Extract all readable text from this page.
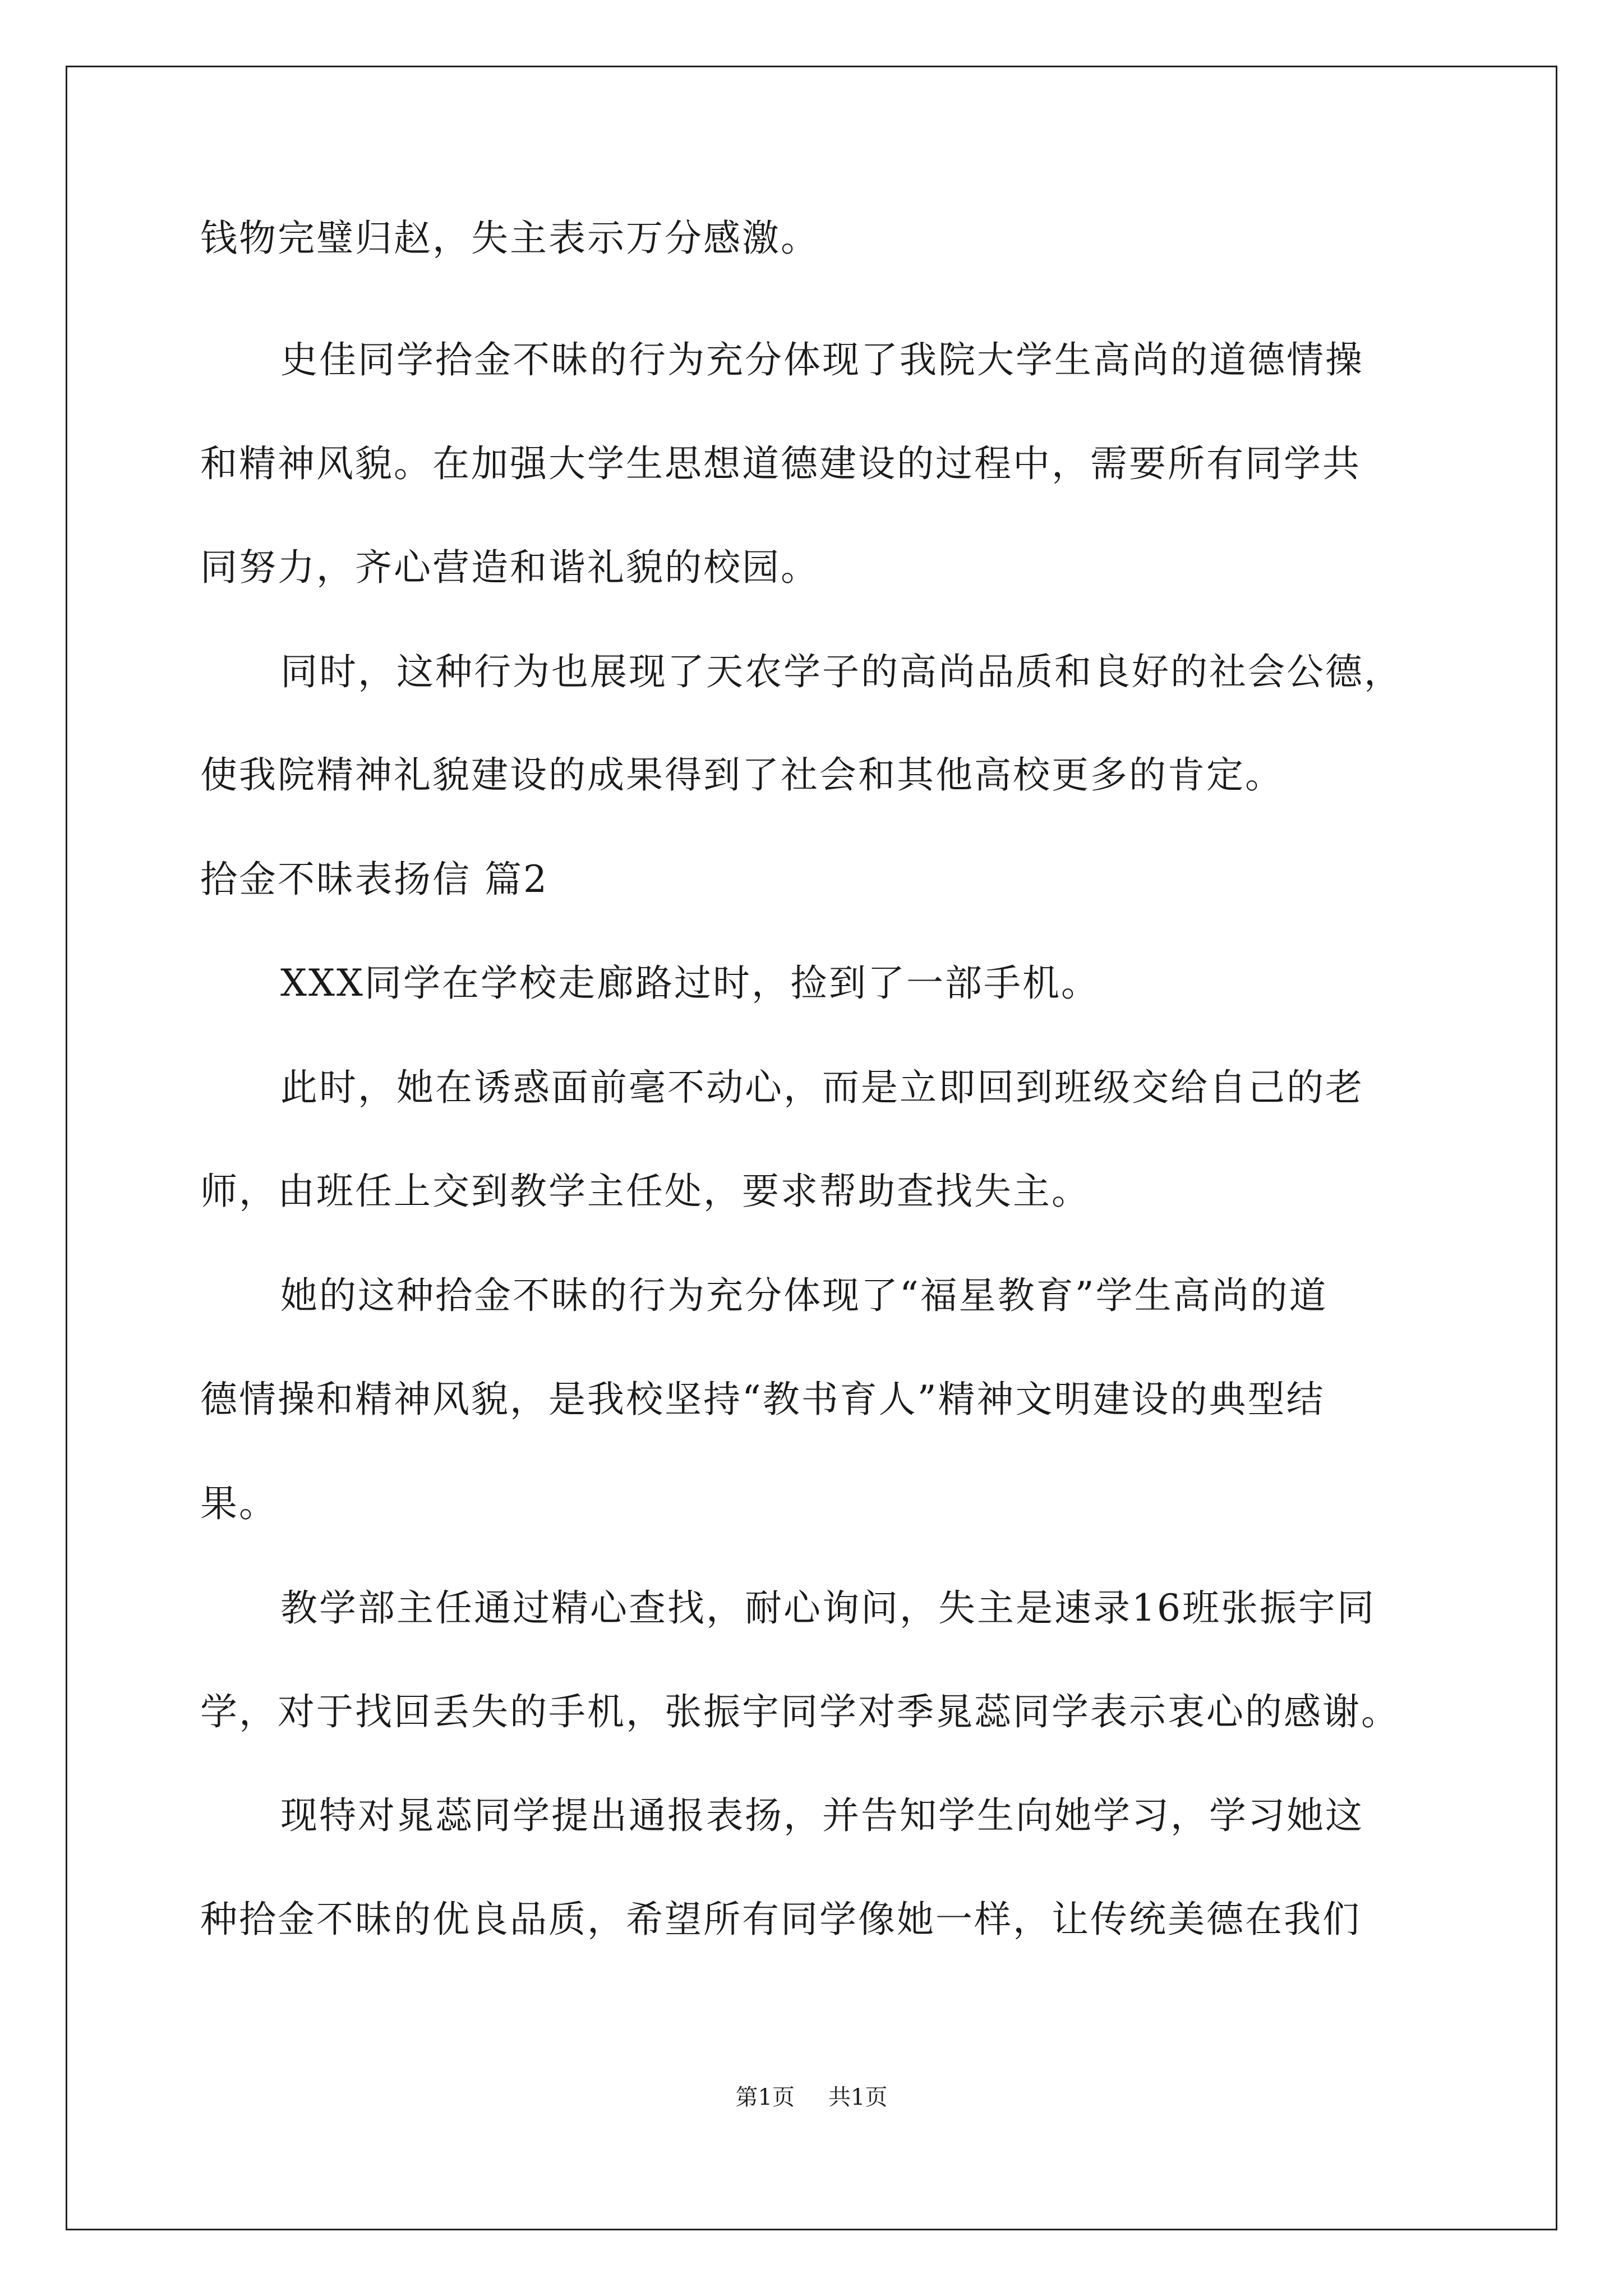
钱物完璧归赵，失主表示万分感激。
史佳同学拾金不昧的行为充分体现了我院大学生高尚的道德情操
和精神风貌。在加强大学生思想道德建设的过程中，需要所有同学共
同努力，齐心营造和谐礼貌的校园。
同时，这种行为也展现了天农学子的高尚品质和良好的社会公德，
使我院精神礼貌建设的成果得到了社会和其他高校更多的肯定。
拾金不昧表扬信 篇2
XXX同学在学校走廊路过时，捡到了一部手机。
此时，她在诱惑面前毫不动心，而是立即回到班级交给自己的老
师，由班任上交到教学主任处，要求帮助查找失主。
她的这种拾金不昧的行为充分体现了“福星教育”学生高尚的道
德情操和精神风貌，是我校坚持“教书育人”精神文明建设的典型结
果。
教学部主任通过精心查找，耐心询问，失主是速录16班张振宇同
学，对于找回丢失的手机，张振宇同学对季晁蕊同学表示衷心的感谢。
现特对晁蕊同学提出通报表扬，并告知学生向她学习，学习她这
种拾金不昧的优良品质，希望所有同学像她一样，让传统美德在我们
第1页 共1页
